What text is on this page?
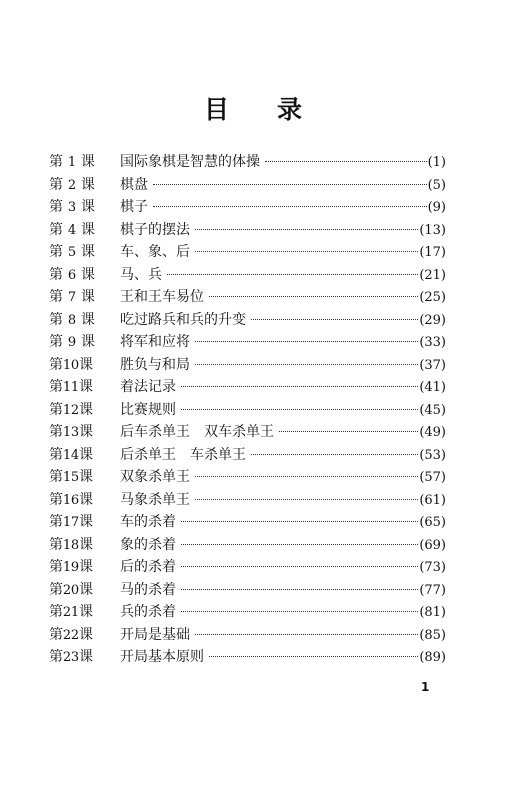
目 录
第 1 课	国际象棋是智慧的体操	(1)
第 2 课	棋盘	(5)
第 3 课	棋子	(9)
第 4 课	棋子的摆法	(13)
第 5 课	车、象、后	(17)
第 6 课	马、兵	(21)
第 7 课	王和王车易位	(25)
第 8 课	吃过路兵和兵的升变	(29)
第 9 课	将军和应将	(33)
第10课	胜负与和局	(37)
第11课	着法记录	(41)
第12课	比赛规则	(45)
第13课	后车杀单王　双车杀单王	(49)
第14课	后杀单王　车杀单王	(53)
第15课	双象杀单王	(57)
第16课	马象杀单王	(61)
第17课	车的杀着	(65)
第18课	象的杀着	(69)
第19课	后的杀着	(73)
第20课	马的杀着	(77)
第21课	兵的杀着	(81)
第22课	开局是基础	(85)
第23课	开局基本原则	(89)
1
